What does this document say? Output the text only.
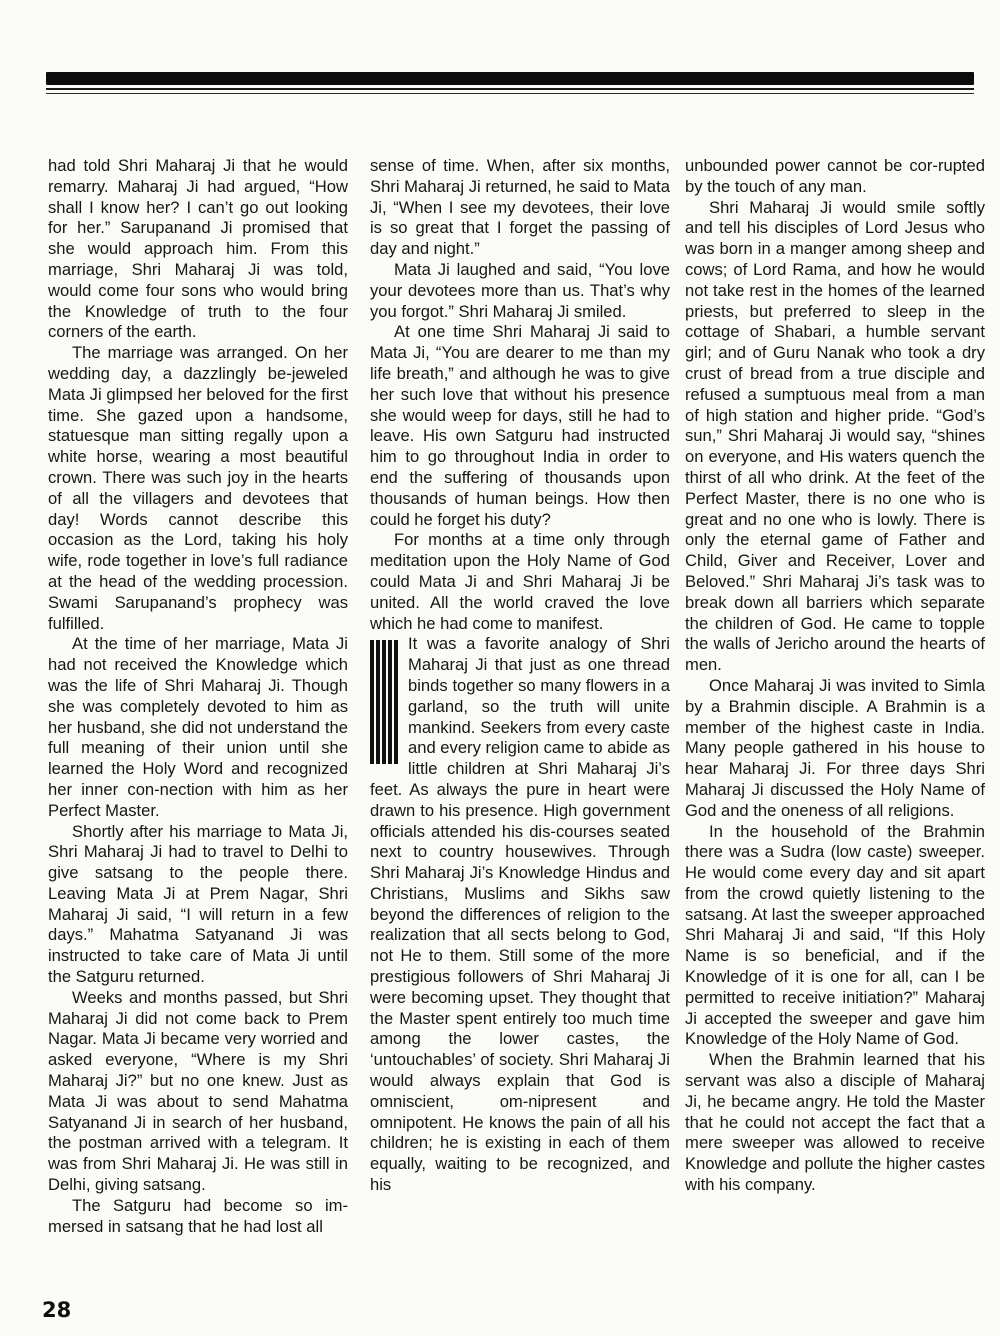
had told Shri Maharaj Ji that he would remarry. Maharaj Ji had argued, “How shall I know her? I can’t go out looking for her.” Sarupanand Ji promised that she would approach him. From this marriage, Shri Maharaj Ji was told, would come four sons who would bring the Knowledge of truth to the four corners of the earth.

The marriage was arranged. On her wedding day, a dazzlingly be-jeweled Mata Ji glimpsed her beloved for the first time. She gazed upon a handsome, statuesque man sitting regally upon a white horse, wearing a most beautiful crown. There was such joy in the hearts of all the villagers and devotees that day! Words cannot describe this occasion as the Lord, taking his holy wife, rode together in love’s full radiance at the head of the wedding procession. Swami Sarupanand’s prophecy was fulfilled.

At the time of her marriage, Mata Ji had not received the Knowledge which was the life of Shri Maharaj Ji. Though she was completely devoted to him as her husband, she did not understand the full meaning of their union until she learned the Holy Word and recognized her inner con-nection with him as her Perfect Master.

Shortly after his marriage to Mata Ji, Shri Maharaj Ji had to travel to Delhi to give satsang to the people there. Leaving Mata Ji at Prem Nagar, Shri Maharaj Ji said, “I will return in a few days.” Mahatma Satyanand Ji was instructed to take care of Mata Ji until the Satguru returned.

Weeks and months passed, but Shri Maharaj Ji did not come back to Prem Nagar. Mata Ji became very worried and asked everyone, “Where is my Shri Maharaj Ji?” but no one knew. Just as Mata Ji was about to send Mahatma Satyanand Ji in search of her husband, the postman arrived with a telegram. It was from Shri Maharaj Ji. He was still in Delhi, giving satsang.

The Satguru had become so im-mersed in satsang that he had lost all

sense of time. When, after six months, Shri Maharaj Ji returned, he said to Mata Ji, “When I see my devotees, their love is so great that I forget the passing of day and night.”

Mata Ji laughed and said, “You love your devotees more than us. That’s why you forgot.” Shri Maharaj Ji smiled.

At one time Shri Maharaj Ji said to Mata Ji, “You are dearer to me than my life breath,” and although he was to give her such love that without his presence she would weep for days, still he had to leave. His own Satguru had instructed him to go throughout India in order to end the suffering of thousands upon thousands of human beings. How then could he forget his duty?

For months at a time only through meditation upon the Holy Name of God could Mata Ji and Shri Maharaj Ji be united. All the world craved the love which he had come to manifest.

It was a favorite analogy of Shri Maharaj Ji that just as one thread binds together so many flowers in a garland, so the truth will unite mankind. Seekers from every caste and every religion came to abide as little children at Shri Maharaj Ji’s feet. As always the pure in heart were drawn to his presence. High government officials attended his dis-courses seated next to country housewives. Through Shri Maharaj Ji’s Knowledge Hindus and Christians, Muslims and Sikhs saw beyond the differences of religion to the realization that all sects belong to God, not He to them. Still some of the more prestigious followers of Shri Maharaj Ji were becoming upset. They thought that the Master spent entirely too much time among the lower castes, the ‘untouchables’ of society. Shri Maharaj Ji would always explain that God is omniscient, om-nipresent and omnipotent. He knows the pain of all his children; he is existing in each of them equally, waiting to be recognized, and his

unbounded power cannot be cor-rupted by the touch of any man.

Shri Maharaj Ji would smile softly and tell his disciples of Lord Jesus who was born in a manger among sheep and cows; of Lord Rama, and how he would not take rest in the homes of the learned priests, but preferred to sleep in the cottage of Shabari, a humble servant girl; and of Guru Nanak who took a dry crust of bread from a true disciple and refused a sumptuous meal from a man of high station and higher pride. “God’s sun,” Shri Maharaj Ji would say, “shines on everyone, and His waters quench the thirst of all who drink. At the feet of the Perfect Master, there is no one who is great and no one who is lowly. There is only the eternal game of Father and Child, Giver and Receiver, Lover and Beloved.” Shri Maharaj Ji’s task was to break down all barriers which separate the children of God. He came to topple the walls of Jericho around the hearts of men.

Once Maharaj Ji was invited to Simla by a Brahmin disciple. A Brahmin is a member of the highest caste in India. Many people gathered in his house to hear Maharaj Ji. For three days Shri Maharaj Ji discussed the Holy Name of God and the oneness of all religions.

In the household of the Brahmin there was a Sudra (low caste) sweeper. He would come every day and sit apart from the crowd quietly listening to the satsang. At last the sweeper approached Shri Maharaj Ji and said, “If this Holy Name is so beneficial, and if the Knowledge of it is one for all, can I be permitted to receive initiation?” Maharaj Ji accepted the sweeper and gave him Knowledge of the Holy Name of God.

When the Brahmin learned that his servant was also a disciple of Maharaj Ji, he became angry. He told the Master that he could not accept the fact that a mere sweeper was allowed to receive Knowledge and pollute the higher castes with his company.

28
